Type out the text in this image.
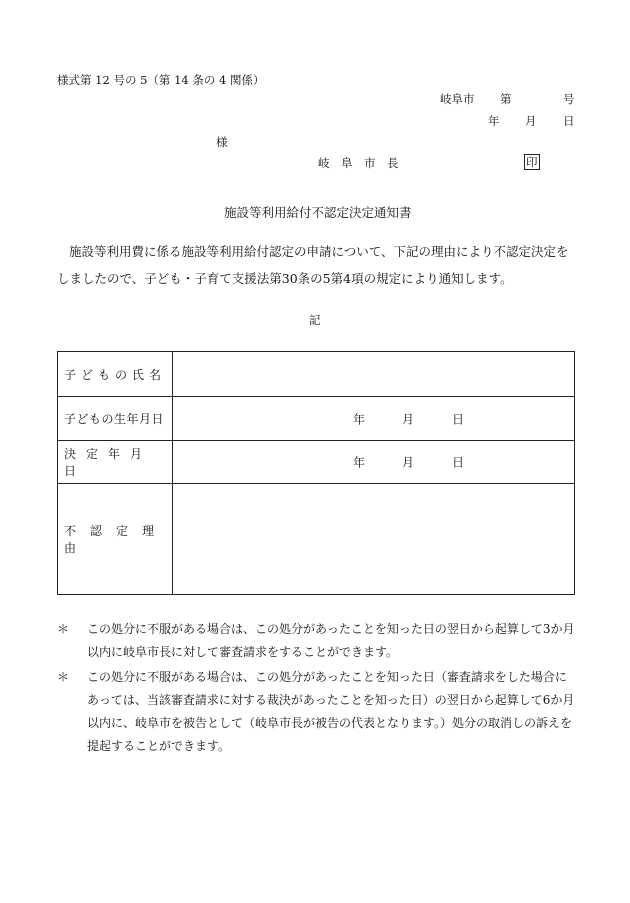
様式第 12 号の 5（第 14 条の 4 関係）
岐阜市 第	号
年 月 日
様
岐　阜　市　長	印
施設等利用給付不認定決定通知書
施設等利用費に係る施設等利用給付認定の申請について、下記の理由により不認定決定をしましたので、子ども・子育て支援法第30条の5第4項の規定により通知します。
記
子どもの氏名	
子どもの生年月日	年 月 日

決定年月日	年 月 日

不認定理由	
＊ この処分に不服がある場合は、この処分があったことを知った日の翌日から起算して3か月以内に岐阜市長に対して審査請求をすることができます。
＊ この処分に不服がある場合は、この処分があったことを知った日（審査請求をした場合にあっては、当該審査請求に対する裁決があったことを知った日）の翌日から起算して6か月以内に、岐阜市を被告として（岐阜市長が被告の代表となります。）処分の取消しの訴えを提起することができます。
